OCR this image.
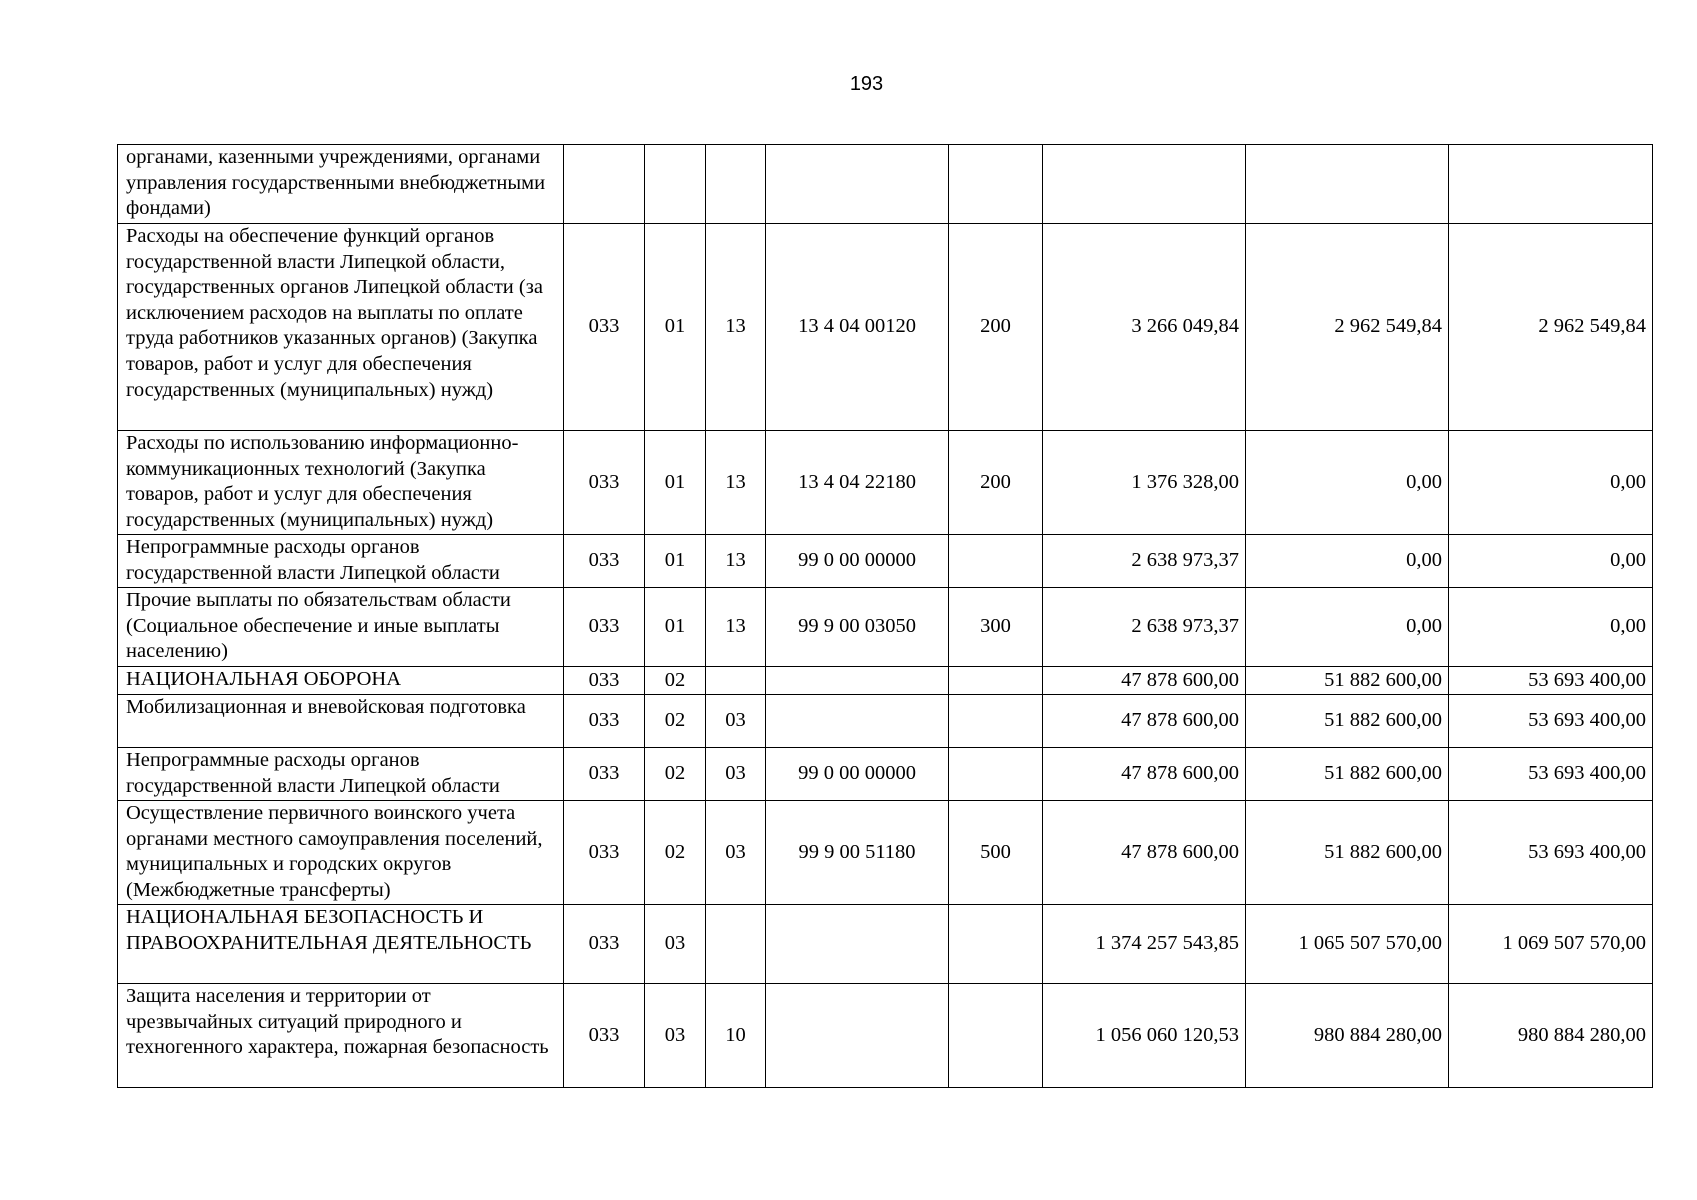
193
органами, казенными учреждениями, органами управления государственными внебюджетными фондами)								
Расходы на обеспечение функций органов государственной власти Липецкой области, государственных органов Липецкой области (за исключением расходов на выплаты по оплате труда работников указанных органов) (Закупка товаров, работ и услуг для обеспечения государственных (муниципальных) нужд)	033	01	13	13 4 04 00120	200	3 266 049,84	2 962 549,84	2 962 549,84
Расходы по использованию информационно-коммуникационных технологий (Закупка товаров, работ и услуг для обеспечения государственных (муниципальных) нужд)	033	01	13	13 4 04 22180	200	1 376 328,00	0,00	0,00
Непрограммные расходы органов государственной власти Липецкой области	033	01	13	99 0 00 00000		2 638 973,37	0,00	0,00
Прочие выплаты по обязательствам области (Социальное обеспечение и иные выплаты населению)	033	01	13	99 9 00 03050	300	2 638 973,37	0,00	0,00
НАЦИОНАЛЬНАЯ ОБОРОНА	033	02				47 878 600,00	51 882 600,00	53 693 400,00
Мобилизационная и вневойсковая подготовка	033	02	03			47 878 600,00	51 882 600,00	53 693 400,00
Непрограммные расходы органов государственной власти Липецкой области	033	02	03	99 0 00 00000		47 878 600,00	51 882 600,00	53 693 400,00
Осуществление первичного воинского учета органами местного самоуправления поселений, муниципальных и городских округов (Межбюджетные трансферты)	033	02	03	99 9 00 51180	500	47 878 600,00	51 882 600,00	53 693 400,00
НАЦИОНАЛЬНАЯ БЕЗОПАСНОСТЬ И ПРАВООХРАНИТЕЛЬНАЯ ДЕЯТЕЛЬНОСТЬ	033	03				1 374 257 543,85	1 065 507 570,00	1 069 507 570,00
Защита населения и территории от чрезвычайных ситуаций природного и техногенного характера, пожарная безопасность	033	03	10			1 056 060 120,53	980 884 280,00	980 884 280,00
